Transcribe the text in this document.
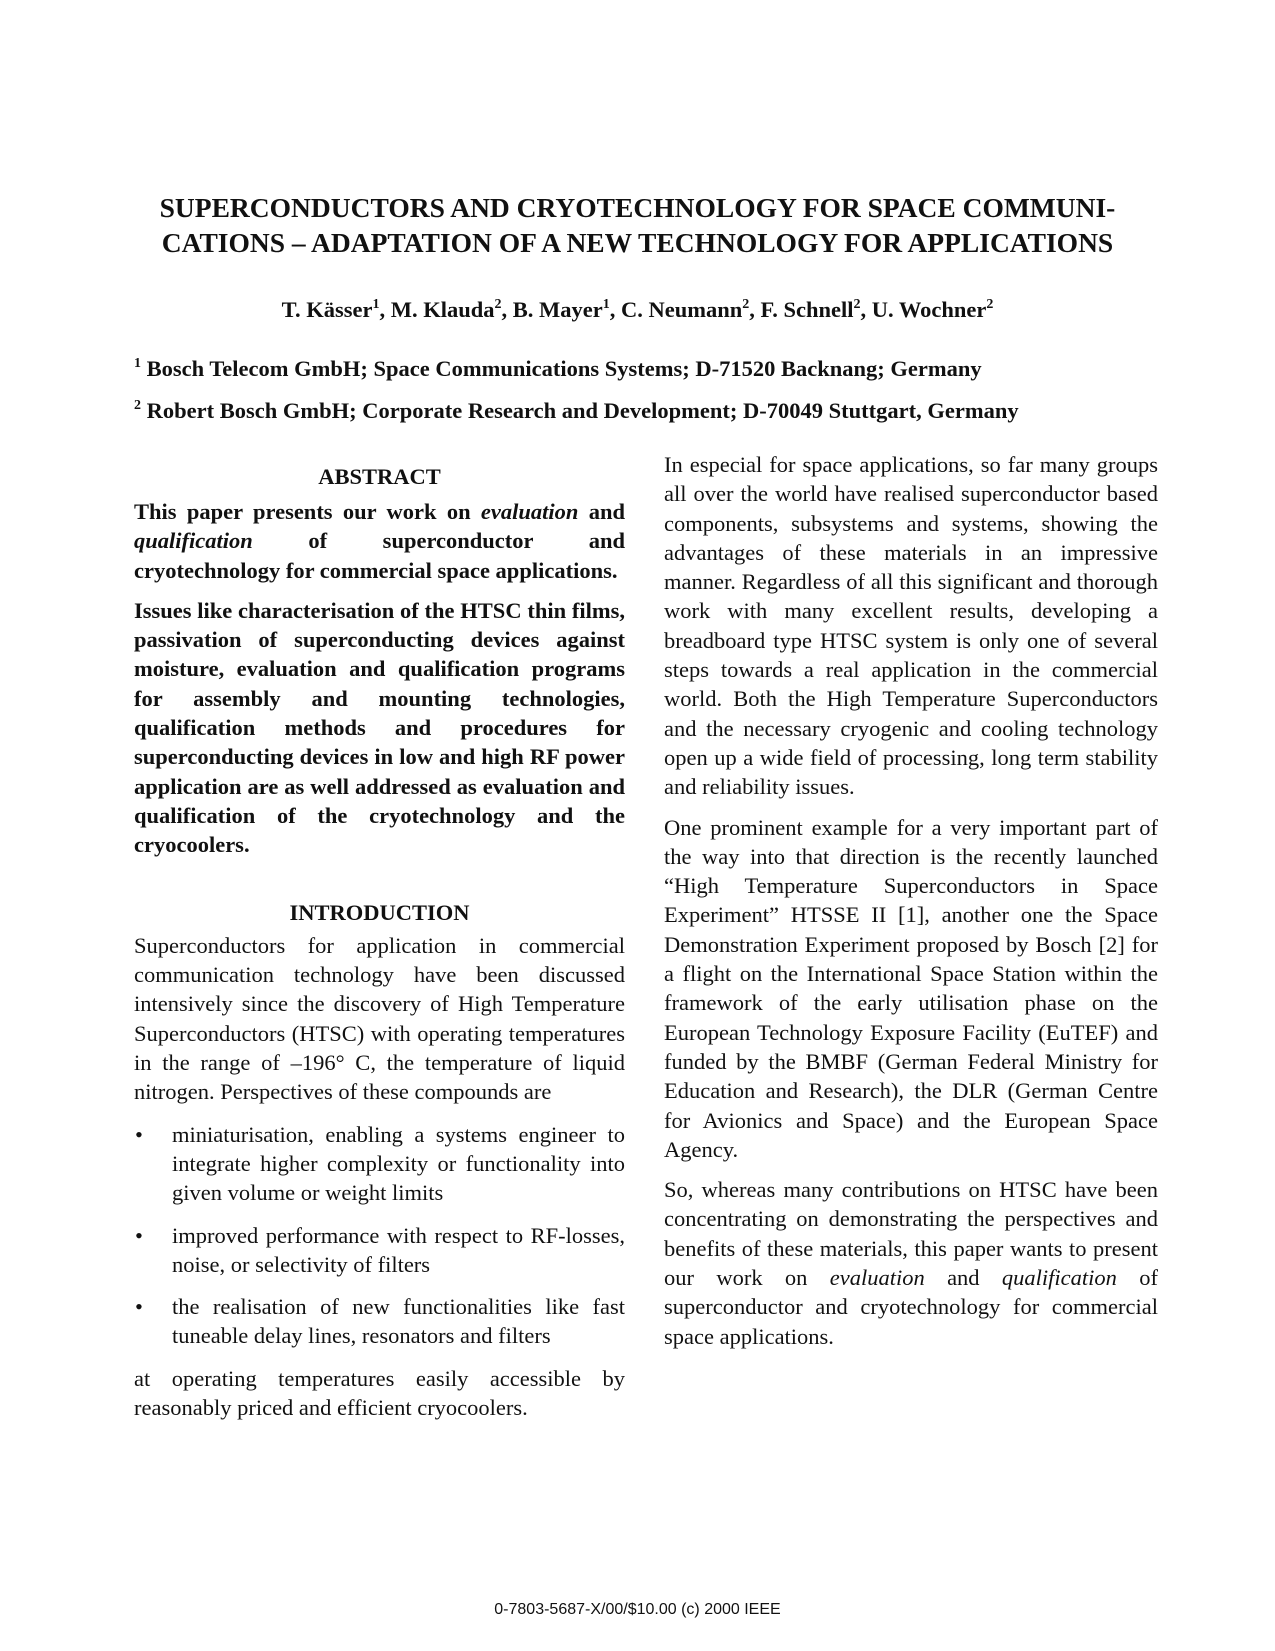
SUPERCONDUCTORS AND CRYOTECHNOLOGY FOR SPACE COMMUNI-
CATIONS – ADAPTATION OF A NEW TECHNOLOGY FOR APPLICATIONS
T. Kässer$^1$, M. Klauda$^2$, B. Mayer$^1$, C. Neumann$^2$, F. Schnell$^2$, U. Wochner$^2$
$^1$ Bosch Telecom GmbH; Space Communications Systems; D-71520 Backnang; Germany
$^2$ Robert Bosch GmbH; Corporate Research and Development; D-70049 Stuttgart, Germany
ABSTRACT

This paper presents our work on evaluation and qualification of superconductor and cryotechnology for commercial space applications.

Issues like characterisation of the HTSC thin films, passivation of superconducting devices against moisture, evaluation and qualification programs for assembly and mounting technologies, qualification methods and procedures for superconducting devices in low and high RF power application are as well addressed as evaluation and qualification of the cryotechnology and the cryocoolers.

INTRODUCTION

Superconductors for application in commercial communication technology have been discussed intensively since the discovery of High Temperature Superconductors (HTSC) with operating temperatures in the range of –196° C, the temperature of liquid nitrogen. Perspectives of these compounds are

•	miniaturisation, enabling a systems engineer to integrate higher complexity or functionality into given volume or weight limits
•	improved performance with respect to RF-losses, noise, or selectivity of filters
•	the realisation of new functionalities like fast tuneable delay lines, resonators and filters

at operating temperatures easily accessible by reasonably priced and efficient cryocoolers.

In especial for space applications, so far many groups all over the world have realised superconductor based components, subsystems and systems, showing the advantages of these materials in an impressive manner. Regardless of all this significant and thorough work with many excellent results, developing a breadboard type HTSC system is only one of several steps towards a real application in the commercial world. Both the High Temperature Superconductors and the necessary cryogenic and cooling technology open up a wide field of processing, long term stability and reliability issues.

One prominent example for a very important part of the way into that direction is the recently launched “High Temperature Superconductors in Space Experiment” HTSSE II [1], another one the Space Demonstration Experiment proposed by Bosch [2] for a flight on the International Space Station within the framework of the early utilisation phase on the European Technology Exposure Facility (EuTEF) and funded by the BMBF (German Federal Ministry for Education and Research), the DLR (German Centre for Avionics and Space) and the European Space Agency.

So, whereas many contributions on HTSC have been concentrating on demonstrating the perspectives and benefits of these materials, this paper wants to present our work on evaluation and qualification of superconductor and cryotechnology for commercial space applications.

0-7803-5687-X/00/$10.00 (c) 2000 IEEE
